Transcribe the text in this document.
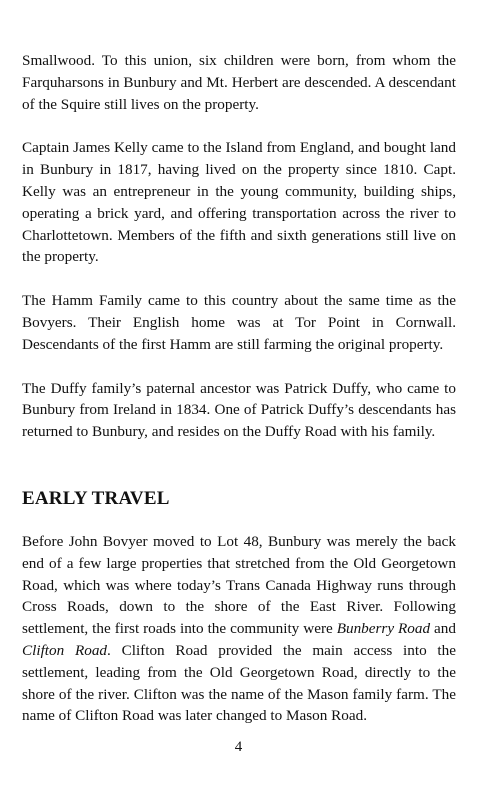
Smallwood. To this union, six children were born, from whom the Farquharsons in Bunbury and Mt. Herbert are descended. A descendant of the Squire still lives on the property.

Captain James Kelly came to the Island from England, and bought land in Bunbury in 1817, having lived on the property since 1810. Capt. Kelly was an entrepreneur in the young community, building ships, operating a brick yard, and offering transportation across the river to Charlottetown. Members of the fifth and sixth generations still live on the property.

The Hamm Family came to this country about the same time as the Bovyers. Their English home was at Tor Point in Cornwall. Descendants of the first Hamm are still farming the original property.

The Duffy family’s paternal ancestor was Patrick Duffy, who came to Bunbury from Ireland in 1834. One of Patrick Duffy’s descendants has returned to Bunbury, and resides on the Duffy Road with his family.

EARLY TRAVEL

Before John Bovyer moved to Lot 48, Bunbury was merely the back end of a few large properties that stretched from the Old Georgetown Road, which was where today’s Trans Canada Highway runs through Cross Roads, down to the shore of the East River. Following settlement, the first roads into the community were Bunberry Road and Clifton Road. Clifton Road provided the main access into the settlement, leading from the Old Georgetown Road, directly to the shore of the river. Clifton was the name of the Mason family farm. The name of Clifton Road was later changed to Mason Road.

4
